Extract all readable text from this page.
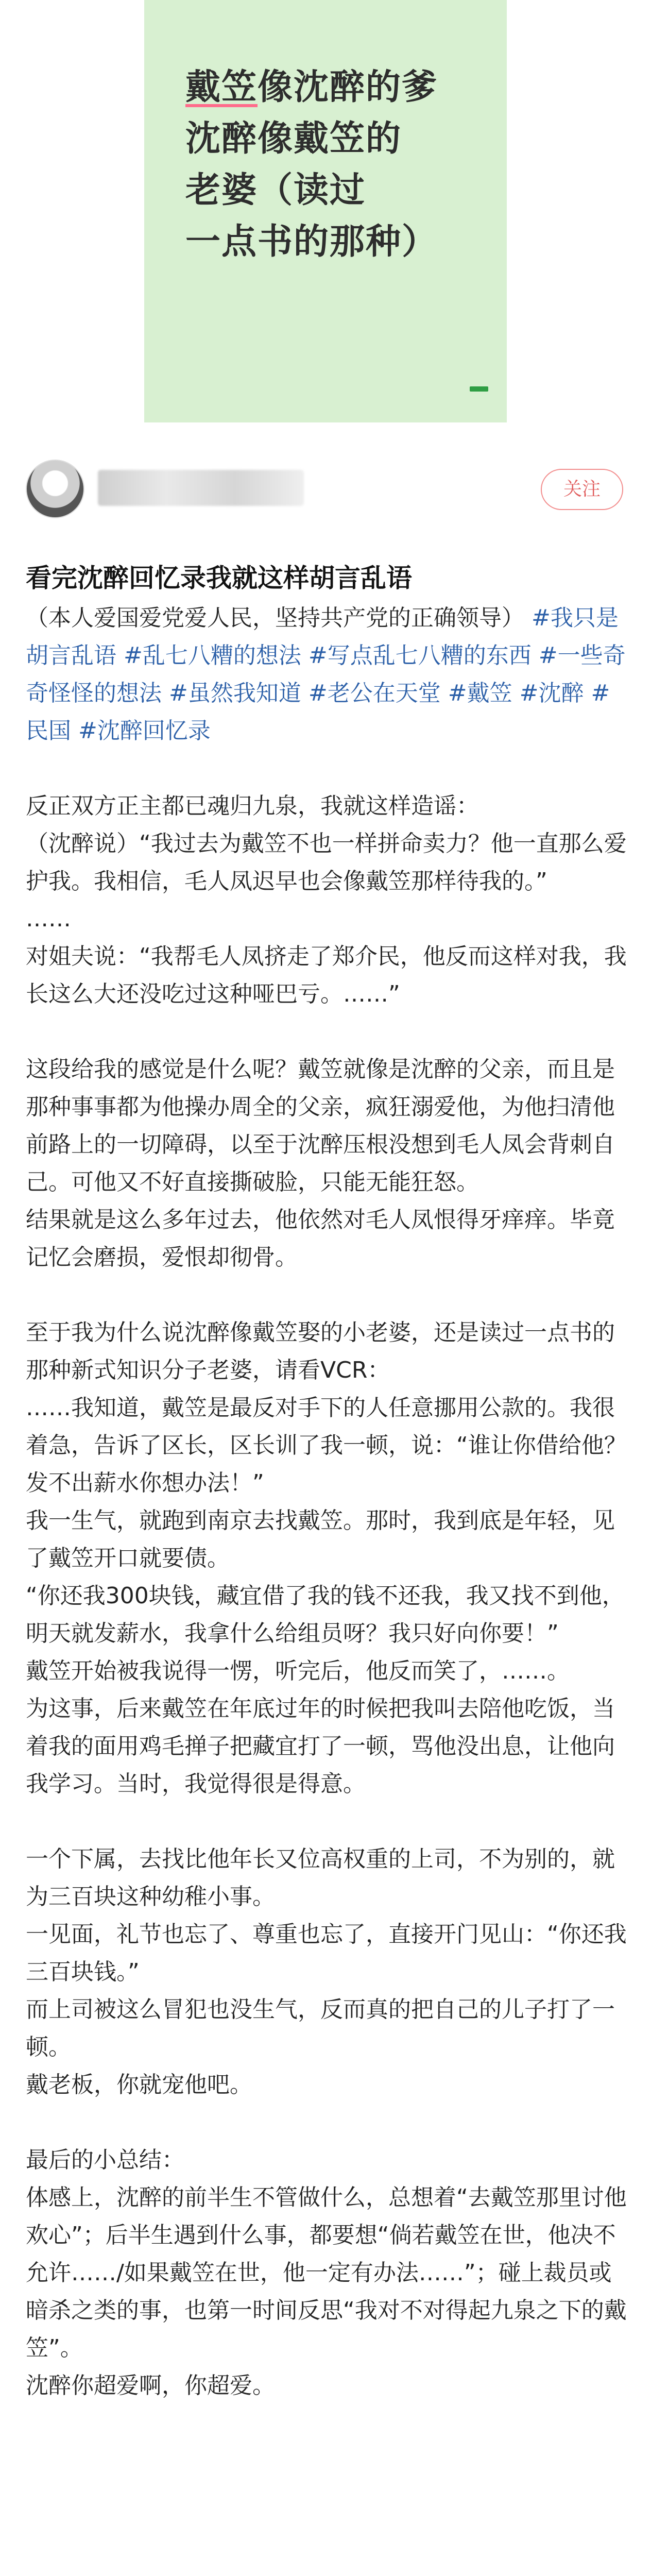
戴笠像沈醉的爹
沈醉像戴笠的
老婆（读过
一点书的那种）
关注
看完沈醉回忆录我就这样胡言乱语

（本人爱国爱党爱人民，坚持共产党的正确领导） #我只是胡言乱语 #乱七八糟的想法 #写点乱七八糟的东西 #一些奇奇怪怪的想法 #虽然我知道 #老公在天堂 #戴笠 #沈醉 #民国 #沈醉回忆录

反正双方正主都已魂归九泉，我就这样造谣：
（沈醉说）“我过去为戴笠不也一样拼命卖力？他一直那么爱护我。我相信，毛人凤迟早也会像戴笠那样待我的。”
……
对姐夫说：“我帮毛人凤挤走了郑介民，他反而这样对我，我长这么大还没吃过这种哑巴亏。……”

这段给我的感觉是什么呢？戴笠就像是沈醉的父亲，而且是那种事事都为他操办周全的父亲，疯狂溺爱他，为他扫清他前路上的一切障碍，以至于沈醉压根没想到毛人凤会背刺自己。可他又不好直接撕破脸，只能无能狂怒。
结果就是这么多年过去，他依然对毛人凤恨得牙痒痒。毕竟记忆会磨损，爱恨却彻骨。

至于我为什么说沈醉像戴笠娶的小老婆，还是读过一点书的那种新式知识分子老婆，请看VCR：
……我知道，戴笠是最反对手下的人任意挪用公款的。我很着急，告诉了区长，区长训了我一顿，说：“谁让你借给他？发不出薪水你想办法！”
我一生气，就跑到南京去找戴笠。那时，我到底是年轻，见了戴笠开口就要债。
“你还我300块钱，藏宜借了我的钱不还我，我又找不到他，明天就发薪水，我拿什么给组员呀？我只好向你要！”
戴笠开始被我说得一愣，听完后，他反而笑了，……。
为这事，后来戴笠在年底过年的时候把我叫去陪他吃饭，当着我的面用鸡毛掸子把藏宜打了一顿，骂他没出息，让他向我学习。当时，我觉得很是得意。

一个下属，去找比他年长又位高权重的上司，不为别的，就为三百块这种幼稚小事。
一见面，礼节也忘了、尊重也忘了，直接开门见山：“你还我三百块钱。”
而上司被这么冒犯也没生气，反而真的把自己的儿子打了一顿。
戴老板，你就宠他吧。

最后的小总结：
体感上，沈醉的前半生不管做什么，总想着“去戴笠那里讨他欢心”；后半生遇到什么事，都要想“倘若戴笠在世，他决不允许……/如果戴笠在世，他一定有办法……”；碰上裁员或暗杀之类的事，也第一时间反思“我对不对得起九泉之下的戴笠”。
沈醉你超爱啊，你超爱。
